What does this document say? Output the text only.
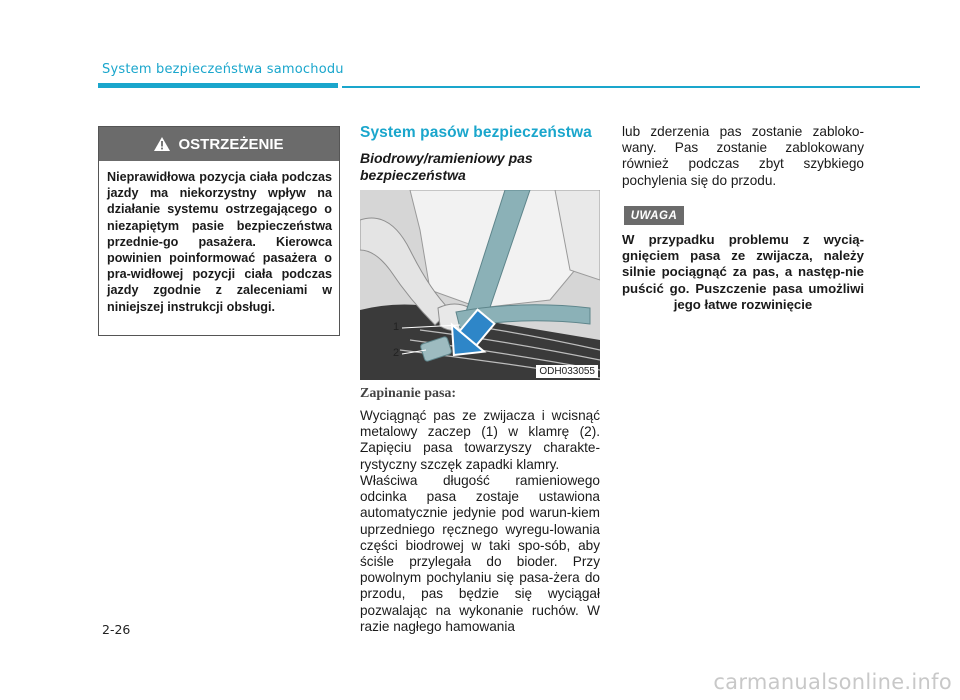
System bezpieczeństwa samochodu
OSTRZEŻENIE
Nieprawidłowa pozycja ciała podczas jazdy ma niekorzystny wpływ na działanie systemu ostrzegającego o niezapiętym pasie bezpieczeństwa przednie-go pasażera. Kierowca powinien poinformować pasażera o pra-widłowej pozycji ciała podczas jazdy zgodnie z zaleceniami w niniejszej instrukcji obsługi.
System pasów bezpieczeństwa
Biodrowy/ramieniowy pas bezpieczeństwa
1
2
ODH033055
Zapinanie pasa:

Wyciągnąć pas ze zwijacza i wcisnąć metalowy zaczep (1) w klamrę (2). Zapięciu pasa towarzyszy charakte-rystyczny szczęk zapadki klamry.

Właściwa długość ramieniowego odcinka pasa zostaje ustawiona automatycznie jedynie pod warun-kiem uprzedniego ręcznego wyregu-lowania części biodrowej w taki spo-sób, aby ściśle przylegała do bioder. Przy powolnym pochylaniu się pasa-żera do przodu, pas będzie się wyciągał pozwalając na wykonanie ruchów. W razie nagłego hamowania

lub zderzenia pas zostanie zabloko-wany. Pas zostanie zablokowany również podczas zbyt szybkiego pochylenia się do przodu.

UWAGA

W przypadku problemu z wycią-gnięciem pasa ze zwijacza, należy silnie pociągnąć za pas, a następ-nie puścić go. Puszczenie pasa umożliwi jego łatwe rozwinięcie

2-26
carmanualsonline.info
